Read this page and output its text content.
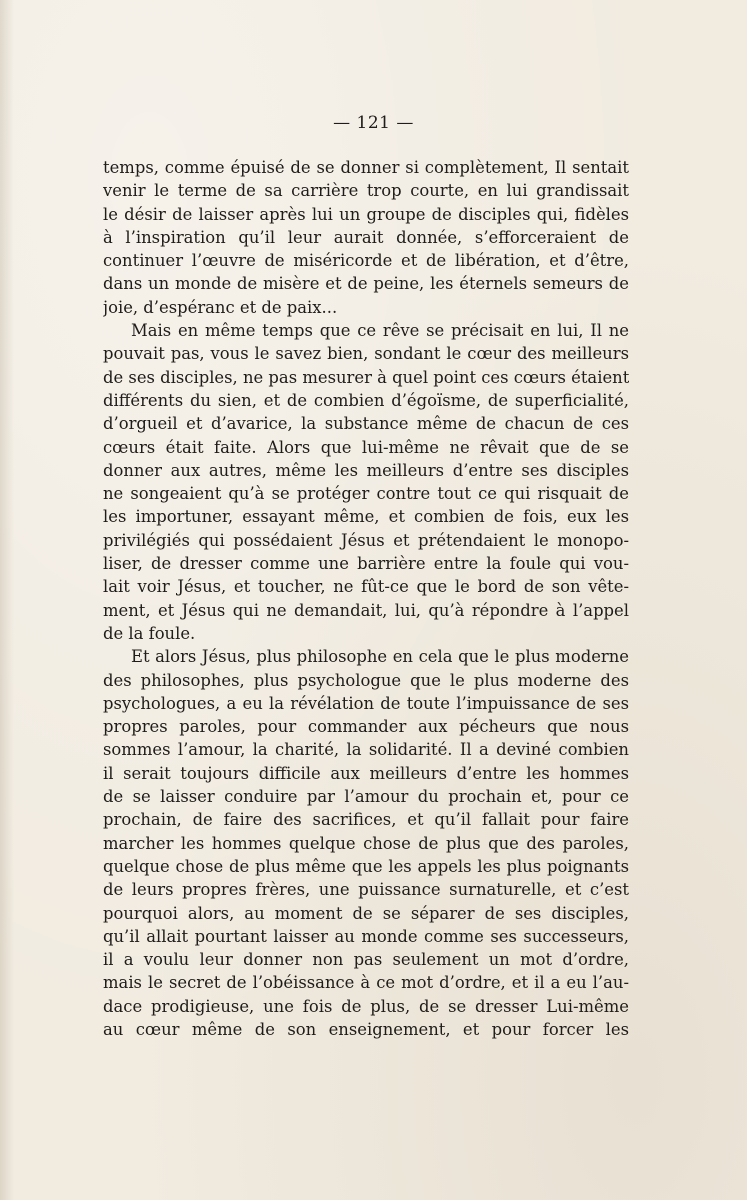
— 121 —
temps, comme épuisé de se donner si complètement, Il sentait
venir le terme de sa carrière trop courte, en lui grandissait
le désir de laisser après lui un groupe de disciples qui, fidèles
à l’inspiration qu’il leur aurait donnée, s’efforceraient de
continuer l’œuvre de miséricorde et de libération, et d’être,
dans un monde de misère et de peine, les éternels semeurs de
joie, d’espéranc et de paix...
Mais en même temps que ce rêve se précisait en lui, Il ne
pouvait pas, vous le savez bien, sondant le cœur des meilleurs
de ses disciples, ne pas mesurer à quel point ces cœurs étaient
différents du sien, et de combien d’égoïsme, de superficialité,
d’orgueil et d’avarice, la substance même de chacun de ces
cœurs était faite. Alors que lui-même ne rêvait que de se
donner aux autres, même les meilleurs d’entre ses disciples
ne songeaient qu’à se protéger contre tout ce qui risquait de
les importuner, essayant même, et combien de fois, eux les
privilégiés qui possédaient Jésus et prétendaient le monopo-
liser, de dresser comme une barrière entre la foule qui vou-
lait voir Jésus, et toucher, ne fût-ce que le bord de son vête-
ment, et Jésus qui ne demandait, lui, qu’à répondre à l’appel
de la foule.
Et alors Jésus, plus philosophe en cela que le plus moderne
des philosophes, plus psychologue que le plus moderne des
psychologues, a eu la révélation de toute l’impuissance de ses
propres paroles, pour commander aux pécheurs que nous
sommes l’amour, la charité, la solidarité. Il a deviné combien
il serait toujours difficile aux meilleurs d’entre les hommes
de se laisser conduire par l’amour du prochain et, pour ce
prochain, de faire des sacrifices, et qu’il fallait pour faire
marcher les hommes quelque chose de plus que des paroles,
quelque chose de plus même que les appels les plus poignants
de leurs propres frères, une puissance surnaturelle, et c’est
pourquoi alors, au moment de se séparer de ses disciples,
qu’il allait pourtant laisser au monde comme ses successeurs,
il a voulu leur donner non pas seulement un mot d’ordre,
mais le secret de l’obéissance à ce mot d’ordre, et il a eu l’au-
dace prodigieuse, une fois de plus, de se dresser Lui-même
au cœur même de son enseignement, et pour forcer les
